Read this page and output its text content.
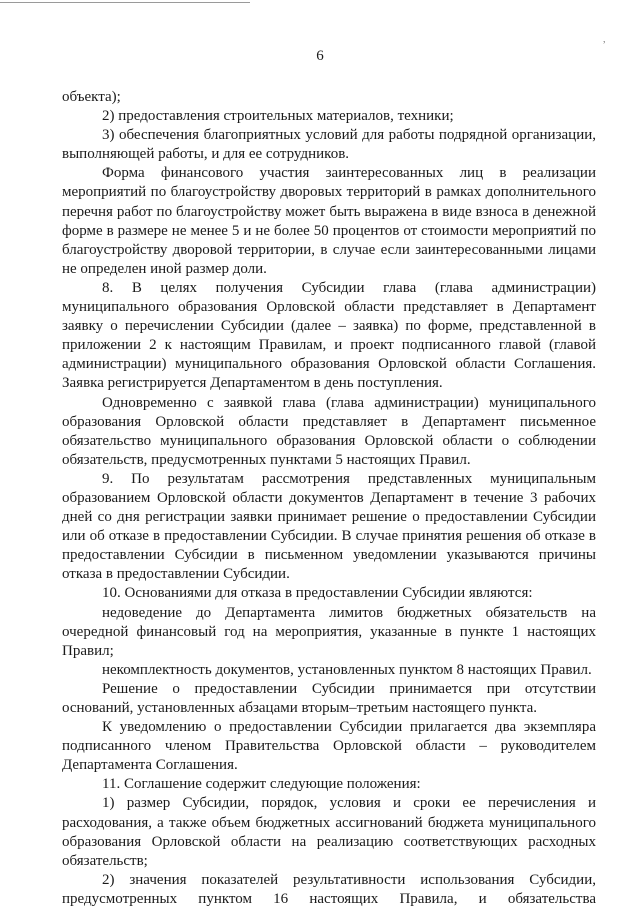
,
6

объекта);

2) предоставления строительных материалов, техники;

3) обеспечения благоприятных условий для работы подрядной организации, выполняющей работы, и для ее сотрудников.

Форма финансового участия заинтересованных лиц в реализации мероприятий по благоустройству дворовых территорий в рамках дополнительного перечня работ по благоустройству может быть выражена в виде взноса в денежной форме в размере не менее 5 и не более 50 процентов от стоимости мероприятий по благоустройству дворовой территории, в случае если заинтересованными лицами не определен иной размер доли.

8. В целях получения Субсидии глава (глава администрации) муниципального образования Орловской области представляет в Департамент заявку о перечислении Субсидии (далее – заявка) по форме, представленной в приложении 2 к настоящим Правилам, и проект подписанного главой (главой администрации) муниципального образования Орловской области Соглашения. Заявка регистрируется Департаментом в день поступления.

Одновременно с заявкой глава (глава администрации) муниципального образования Орловской области представляет в Департамент письменное обязательство муниципального образования Орловской области о соблюдении обязательств, предусмотренных пунктами 5 настоящих Правил.

9. По результатам рассмотрения представленных муниципальным образованием Орловской области документов Департамент в течение 3 рабочих дней со дня регистрации заявки принимает решение о предоставлении Субсидии или об отказе в предоставлении Субсидии. В случае принятия решения об отказе в предоставлении Субсидии в письменном уведомлении указываются причины отказа в предоставлении Субсидии.

10. Основаниями для отказа в предоставлении Субсидии являются:

недоведение до Департамента лимитов бюджетных обязательств на очередной финансовый год на мероприятия, указанные в пункте 1 настоящих Правил;

некомплектность документов, установленных пунктом 8 настоящих Правил.

Решение о предоставлении Субсидии принимается при отсутствии оснований, установленных абзацами вторым–третьим настоящего пункта.

К уведомлению о предоставлении Субсидии прилагается два экземпляра подписанного членом Правительства Орловской области – руководителем Департамента Соглашения.

11. Соглашение содержит следующие положения:

1) размер Субсидии, порядок, условия и сроки ее перечисления и расходования, а также объем бюджетных ассигнований бюджета муниципального образования Орловской области на реализацию соответствующих расходных обязательств;

2) значения показателей результативности использования Субсидии, предусмотренных пунктом 16 настоящих Правила, и обязательства
